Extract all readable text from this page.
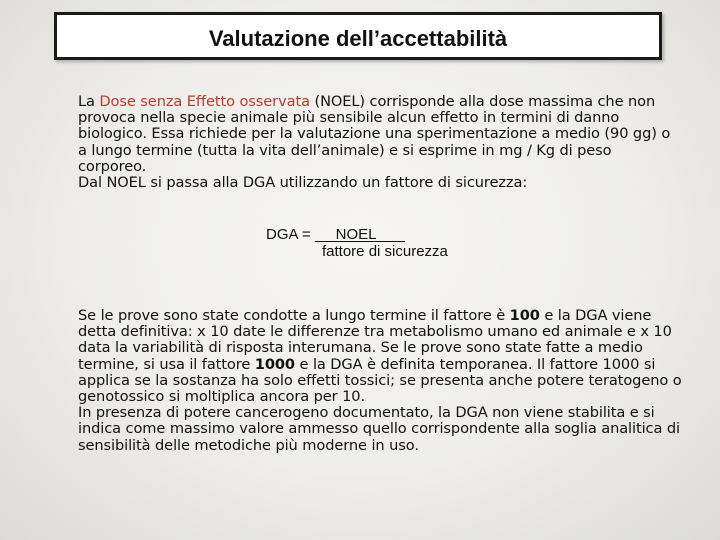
Valutazione dell’accettabilità

La Dose senza Effetto osservata (NOEL) corrisponde alla dose massima che non provoca nella specie animale più sensibile alcun effetto in termini di danno biologico. Essa richiede per la valutazione una sperimentazione a medio (90 gg) o a lungo termine (tutta la vita dell’animale) e si esprime in mg / Kg di peso corporeo.

Dal NOEL si passa alla DGA utilizzando un fattore di sicurezza:

DGA =      NOEL
fattore di sicurezza

Se le prove sono state condotte a lungo termine il fattore è 100 e la DGA viene detta definitiva: x 10 date le differenze tra metabolismo umano ed animale e x 10 data la variabilità di risposta interumana. Se le prove sono state fatte a medio termine, si usa il fattore 1000 e la DGA è definita temporanea. Il fattore 1000 si applica se la sostanza ha solo effetti tossici; se presenta anche potere teratogeno o genotossico si moltiplica ancora per 10.

In presenza di potere cancerogeno documentato, la DGA non viene stabilita e si indica come massimo valore ammesso quello corrispondente alla soglia analitica di sensibilità delle metodiche più moderne in uso.
